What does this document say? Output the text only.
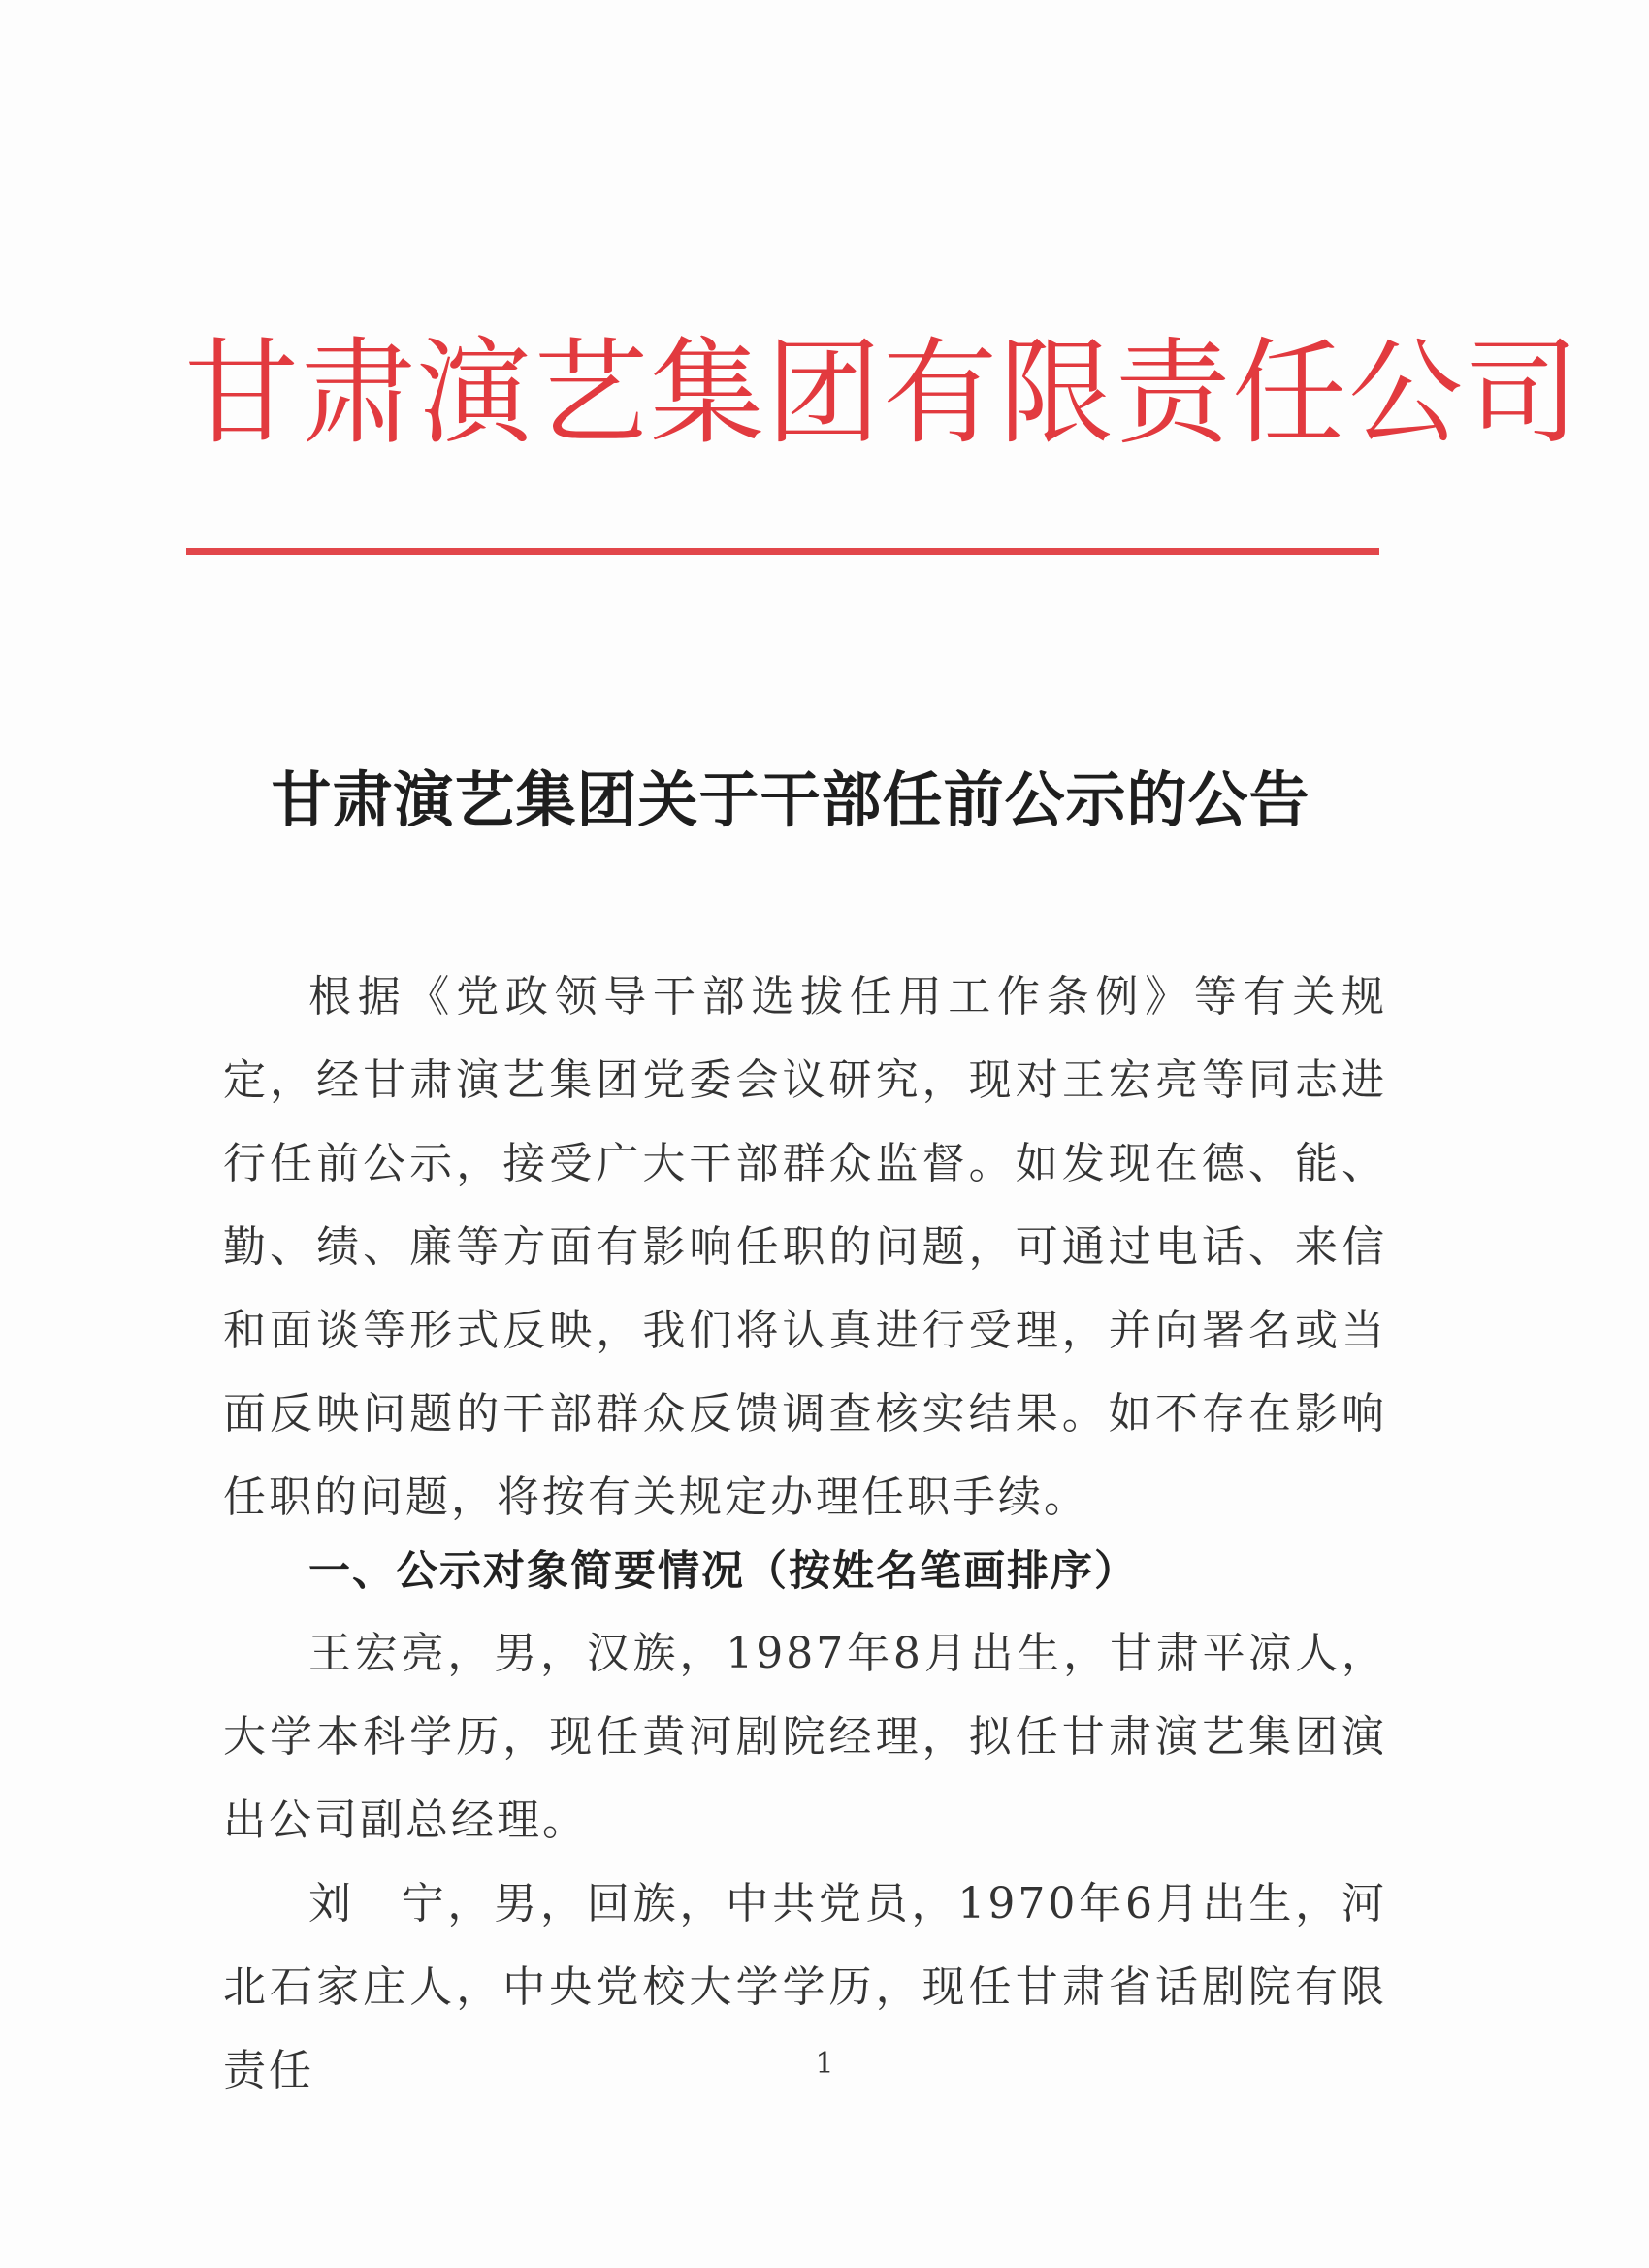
甘肃演艺集团有限责任公司
甘肃演艺集团关于干部任前公示的公告

根据《党政领导干部选拔任用工作条例》等有关规定，经甘肃演艺集团党委会议研究，现对王宏亮等同志进行任前公示，接受广大干部群众监督。如发现在德、能、勤、绩、廉等方面有影响任职的问题，可通过电话、来信和面谈等形式反映，我们将认真进行受理，并向署名或当面反映问题的干部群众反馈调查核实结果。如不存在影响任职的问题，将按有关规定办理任职手续。

一、公示对象简要情况（按姓名笔画排序）

王宏亮，男，汉族，1987年8月出生，甘肃平凉人，大学本科学历，现任黄河剧院经理，拟任甘肃演艺集团演出公司副总经理。

刘　宁，男，回族，中共党员，1970年6月出生，河北石家庄人，中央党校大学学历，现任甘肃省话剧院有限责任	1
